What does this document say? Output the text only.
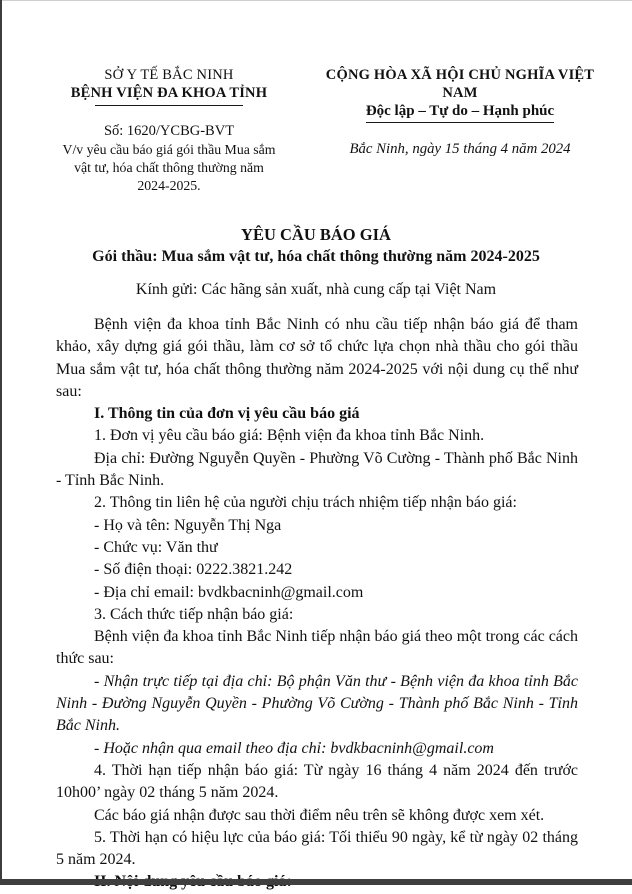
SỞ Y TẾ BẮC NINH
BỆNH VIỆN ĐA KHOA TỈNH
Số: 1620/YCBG-BVT
V/v yêu cầu báo giá gói thầu Mua sắm vật tư, hóa chất thông thường năm 2024-2025.
CỘNG HÒA XÃ HỘI CHỦ NGHĨA VIỆT NAM
Độc lập – Tự do – Hạnh phúc
Bắc Ninh, ngày 15 tháng 4 năm 2024
YÊU CẦU BÁO GIÁ
Gói thầu: Mua sắm vật tư, hóa chất thông thường năm 2024-2025
Kính gửi: Các hãng sản xuất, nhà cung cấp tại Việt Nam

Bệnh viện đa khoa tỉnh Bắc Ninh có nhu cầu tiếp nhận báo giá để tham khảo, xây dựng giá gói thầu, làm cơ sở tổ chức lựa chọn nhà thầu cho gói thầu Mua sắm vật tư, hóa chất thông thường năm 2024-2025 với nội dung cụ thể như sau:

I. Thông tin của đơn vị yêu cầu báo giá

1. Đơn vị yêu cầu báo giá: Bệnh viện đa khoa tỉnh Bắc Ninh.

Địa chỉ: Đường Nguyễn Quyền - Phường Võ Cường - Thành phố Bắc Ninh - Tỉnh Bắc Ninh.

2. Thông tin liên hệ của người chịu trách nhiệm tiếp nhận báo giá:

- Họ và tên: Nguyễn Thị Nga

- Chức vụ: Văn thư

- Số điện thoại: 0222.3821.242

- Địa chỉ email: bvdkbacninh@gmail.com

3. Cách thức tiếp nhận báo giá:

Bệnh viện đa khoa tỉnh Bắc Ninh tiếp nhận báo giá theo một trong các cách thức sau:

- Nhận trực tiếp tại địa chỉ: Bộ phận Văn thư - Bệnh viện đa khoa tỉnh Bắc Ninh - Đường Nguyễn Quyền - Phường Võ Cường - Thành phố Bắc Ninh - Tỉnh Bắc Ninh.

- Hoặc nhận qua email theo địa chỉ: bvdkbacninh@gmail.com

4. Thời hạn tiếp nhận báo giá: Từ ngày 16 tháng 4 năm 2024 đến trước 10h00’ ngày 02 tháng 5 năm 2024.

Các báo giá nhận được sau thời điểm nêu trên sẽ không được xem xét.

5. Thời hạn có hiệu lực của báo giá: Tối thiểu 90 ngày, kể từ ngày 02 tháng 5 năm 2024.
